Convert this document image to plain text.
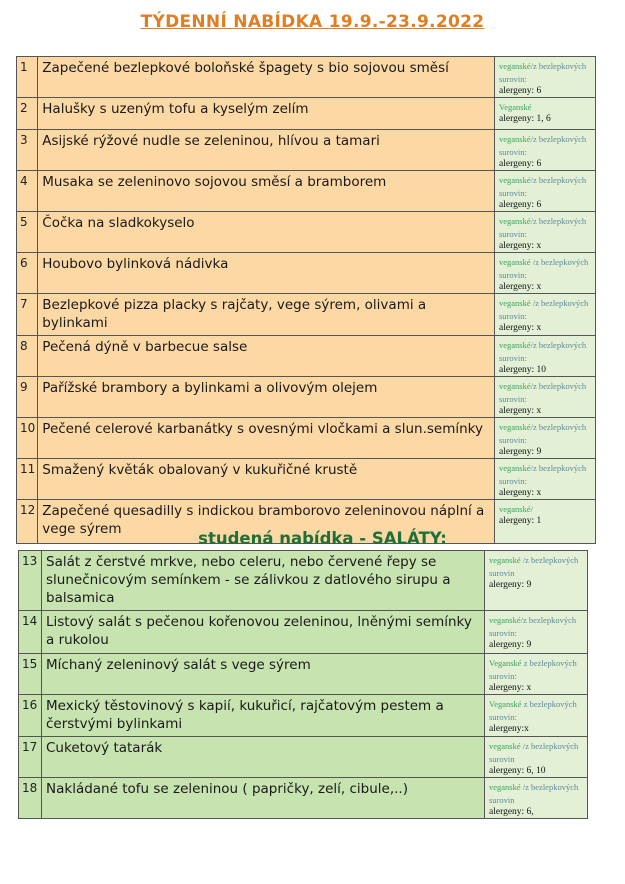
TÝDENNÍ NABÍDKA 19.9.-23.9.2022
1	Zapečené bezlepkové boloňské špagety s bio sojovou směsí	veganské/z bezlepkových surovin:
alergeny: 6

2	Halušky s uzeným tofu a kyselým zelím	Veganské
alergeny: 1, 6

3	Asijské rýžové nudle se zeleninou, hlívou a tamari	veganské/z bezlepkových surovin:
alergeny: 6

4	Musaka se zeleninovo sojovou směsí a bramborem	veganské/z bezlepkových surovin:
alergeny: 6

5	Čočka na sladkokyselo	veganské/z bezlepkových surovin:
alergeny: x

6	Houbovo bylinková nádivka	veganské /z bezlepkových surovin:
alergeny: x

7	Bezlepkové pizza placky s rajčaty, vege sýrem, olivami a bylinkami	veganské /z bezlepkových surovin:
alergeny: x

8	Pečená dýně v barbecue salse	veganské/z bezlepkových surovin:
alergeny: 10

9	Pařížské brambory a bylinkami a olivovým olejem	veganské/z bezlepkových surovin:
alergeny: x

10	Pečené celerové karbanátky s ovesnými vločkami a slun.semínky	veganské/z bezlepkových surovin:
alergeny: 9

11	Smažený květák obalovaný v kukuřičné krustě	veganské/z bezlepkových surovin:
alergeny: x

12	Zapečené quesadilly s indickou bramborovo zeleninovou náplní a vege sýrem	veganské/
alergeny: 1
studená nabídka - SALÁTY:
13	Salát z čerstvé mrkve, nebo celeru, nebo červené řepy se slunečnicovým semínkem - se zálivkou z datlového sirupu a balsamica	veganské /z bezlepkových surovin
alergeny: 9

14	Listový salát s pečenou kořenovou zeleninou, lněnými semínky a rukolou	veganské/z bezlepkových surovin:
alergeny: 9

15	Míchaný zeleninový salát s vege sýrem	Veganské z bezlepkových surovin:
alergeny: x

16	Mexický těstovinový s kapií, kukuřicí, rajčatovým pestem a čerstvými bylinkami	Veganské z bezlepkových surovin:
alergeny:x

17	Cuketový tatarák	veganské /z bezlepkových surovin
alergeny: 6, 10

18	Nakládané tofu se zeleninou ( papričky, zelí, cibule,..)	veganské /z bezlepkových surovin
alergeny: 6,
